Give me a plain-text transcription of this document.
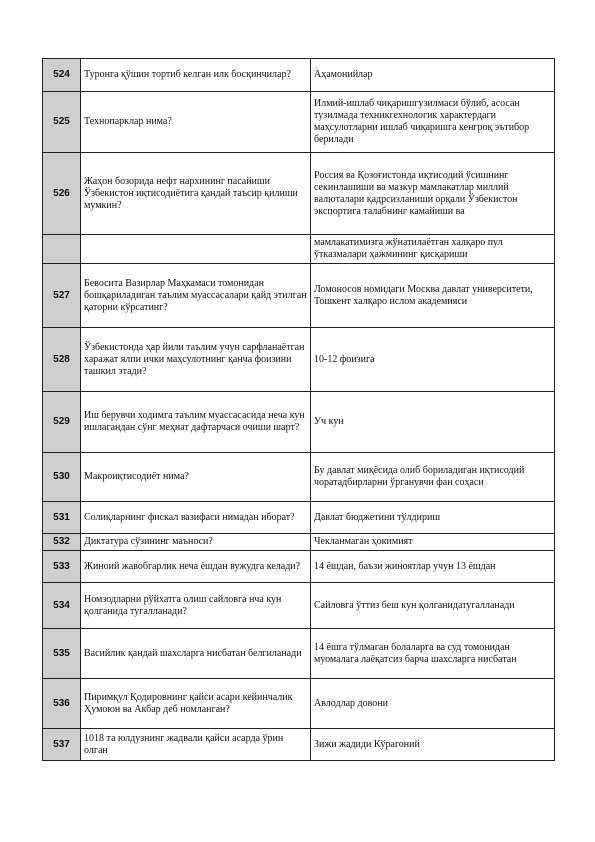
524	Туронга қўшин тортиб келган илк босқинчилар?	Аҳамонийлар
525	Технопарклар нима?	Илмий-ишлаб чиқаришгузилмаси бўлиб, асосан тузилмада техникгехнологик характердаги маҳсулотларни ишлаб чиқаришга кенгроқ эътибор берилади
526	Жаҳон бозорида нефт нархининг пасайиши Ўзбекистон иқтисодиётига қандай таъсир қилиши мумкин?	Россия ва Қозоғистонда иқтисодий ўсишнинг секинлашиши ва мазкур мамлакатлар миллий валюталари қадрсизланиши орқали Ўзбекистон экспортига талабнинг камайиши ва
		мамлакатимизга жўнатилаётган халқаро пул ўтказмалари ҳажмининг қисқариши
527	Бевосита Вазирлар Маҳкамаси томонидан бошқариладиган таълим муассасалари қайд этилган қаторни кўрсатинг?	Ломоносов номидаги Москва давлат университети, Тошкент халқаро ислом академияси
528	Ўзбекистонда ҳар йили таълим учун сарфланаётган харажат ялпи ички маҳсулотнинг қанча фоизини ташкил этади?	10-12 фоизига
529	Иш берувчи ходимга таълим муассасасида неча кун ишлагандан сўнг меҳнат дафтарчаси очиши шарт?	Уч кун
530	Макроиқтисодиёт нима?	Бу давлат миқёсида олиб бориладиган иқтисодий чоратадбирларни ўрганувчи фан соҳаси
531	Солиқларнинг фискал вазифаси нимадан иборат?	Давлат бюджетини тўлдириш
532	Диктатура сўзининг маъноси?	Чекланмаган ҳокимият
533	Жиноий жавобгарлик неча ёшдан вужудга келади?	14 ёшдан, баъзи жиноятлар учун 13 ёшдан
534	Номзодларни рўйхатга олиш сайловга нча кун қолганида тугалланади?	Сайловга ўттиз беш кун қолганидатугалланади
535	Васийлик қандай шахсларга нисбатан белгиланади	14 ёшга тўлмаган болаларга ва суд томонидан муомалага лаёқатсиз барча шахсларга нисбатан
536	Пиримқул Қодировнинг қайси асари кейинчалик Ҳумоюн ва Акбар деб номланган?	Авлодлар довони
537	1018 та юлдузнинг жадвали қайси асарда ўрин олган	Зижи жадиди Кўрагоний
